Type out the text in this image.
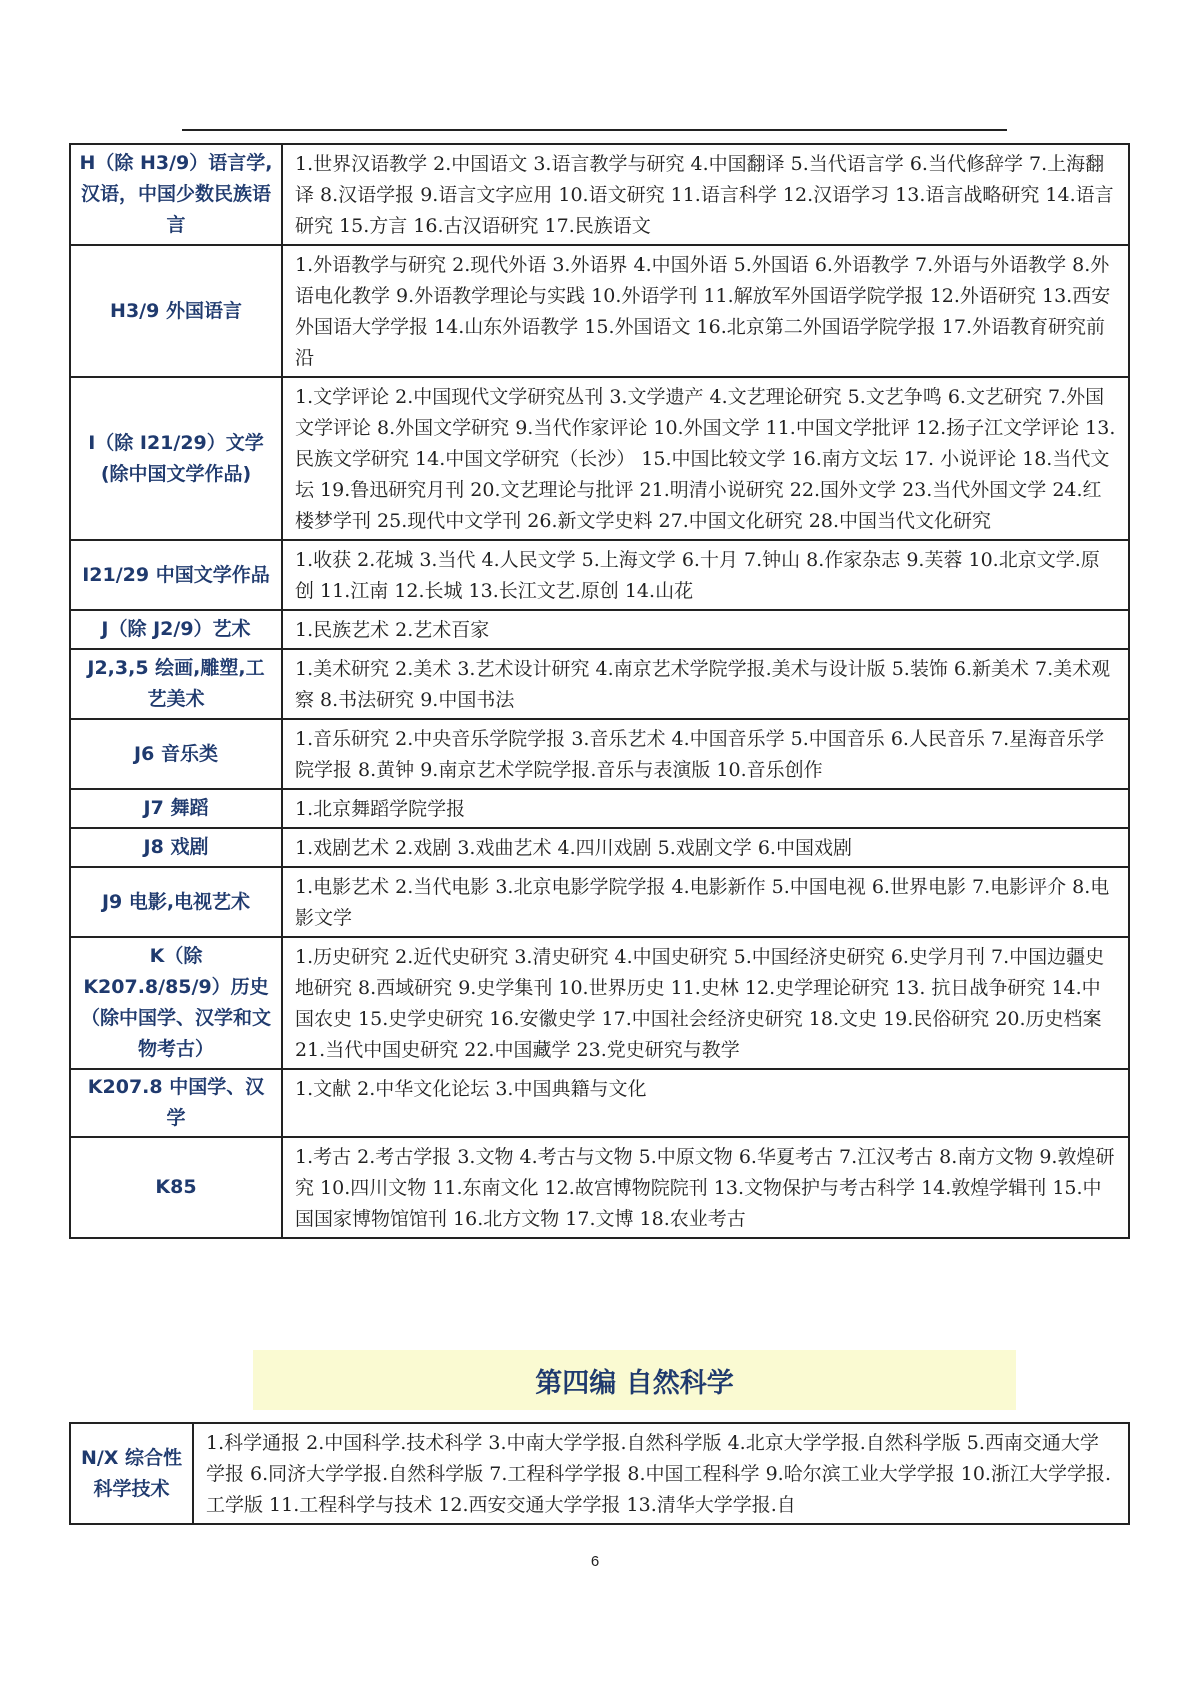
H（除 H3/9）语言学,汉语，中国少数民族语言	1.世界汉语教学 2.中国语文 3.语言教学与研究 4.中国翻译 5.当代语言学 6.当代修辞学 7.上海翻译 8.汉语学报 9.语言文字应用 10.语文研究 11.语言科学 12.汉语学习 13.语言战略研究 14.语言研究 15.方言 16.古汉语研究 17.民族语文
H3/9 外国语言	1.外语教学与研究 2.现代外语 3.外语界 4.中国外语 5.外国语 6.外语教学 7.外语与外语教学 8.外语电化教学 9.外语教学理论与实践 10.外语学刊 11.解放军外国语学院学报 12.外语研究 13.西安外国语大学学报 14.山东外语教学 15.外国语文 16.北京第二外国语学院学报 17.外语教育研究前沿
I（除 I21/29）文学(除中国文学作品)	1.文学评论 2.中国现代文学研究丛刊 3.文学遗产 4.文艺理论研究 5.文艺争鸣 6.文艺研究 7.外国文学评论 8.外国文学研究 9.当代作家评论 10.外国文学 11.中国文学批评 12.扬子江文学评论 13.民族文学研究 14.中国文学研究（长沙） 15.中国比较文学 16.南方文坛 17. 小说评论 18.当代文坛 19.鲁迅研究月刊 20.文艺理论与批评 21.明清小说研究 22.国外文学 23.当代外国文学 24.红楼梦学刊 25.现代中文学刊 26.新文学史料 27.中国文化研究 28.中国当代文化研究
I21/29 中国文学作品	1.收获 2.花城 3.当代 4.人民文学 5.上海文学 6.十月 7.钟山 8.作家杂志 9.芙蓉 10.北京文学.原创 11.江南 12.长城 13.长江文艺.原创 14.山花
J（除 J2/9）艺术	1.民族艺术 2.艺术百家
J2,3,5 绘画,雕塑,工艺美术	1.美术研究 2.美术 3.艺术设计研究 4.南京艺术学院学报.美术与设计版 5.装饰 6.新美术 7.美术观察 8.书法研究 9.中国书法
J6 音乐类	1.音乐研究 2.中央音乐学院学报 3.音乐艺术 4.中国音乐学 5.中国音乐 6.人民音乐 7.星海音乐学院学报 8.黄钟 9.南京艺术学院学报.音乐与表演版 10.音乐创作
J7 舞蹈	1.北京舞蹈学院学报
J8 戏剧	1.戏剧艺术 2.戏剧 3.戏曲艺术 4.四川戏剧 5.戏剧文学 6.中国戏剧
J9 电影,电视艺术	1.电影艺术 2.当代电影 3.北京电影学院学报 4.电影新作 5.中国电视 6.世界电影 7.电影评介 8.电影文学
K（除 K207.8/85/9）历史（除中国学、汉学和文物考古）	1.历史研究 2.近代史研究 3.清史研究 4.中国史研究 5.中国经济史研究 6.史学月刊 7.中国边疆史地研究 8.西域研究 9.史学集刊 10.世界历史 11.史林 12.史学理论研究 13. 抗日战争研究 14.中国农史 15.史学史研究 16.安徽史学 17.中国社会经济史研究 18.文史 19.民俗研究 20.历史档案 21.当代中国史研究 22.中国藏学 23.党史研究与教学
K207.8 中国学、汉学	1.文献 2.中华文化论坛 3.中国典籍与文化
K85	1.考古 2.考古学报 3.文物 4.考古与文物 5.中原文物 6.华夏考古 7.江汉考古 8.南方文物 9.敦煌研究 10.四川文物 11.东南文化 12.故宫博物院院刊 13.文物保护与考古科学 14.敦煌学辑刊 15.中国国家博物馆馆刊 16.北方文物 17.文博 18.农业考古
第四编 自然科学
N/X 综合性科学技术	1.科学通报 2.中国科学.技术科学 3.中南大学学报.自然科学版 4.北京大学学报.自然科学版 5.西南交通大学学报 6.同济大学学报.自然科学版 7.工程科学学报 8.中国工程科学 9.哈尔滨工业大学学报 10.浙江大学学报.工学版 11.工程科学与技术 12.西安交通大学学报 13.清华大学学报.自
6
